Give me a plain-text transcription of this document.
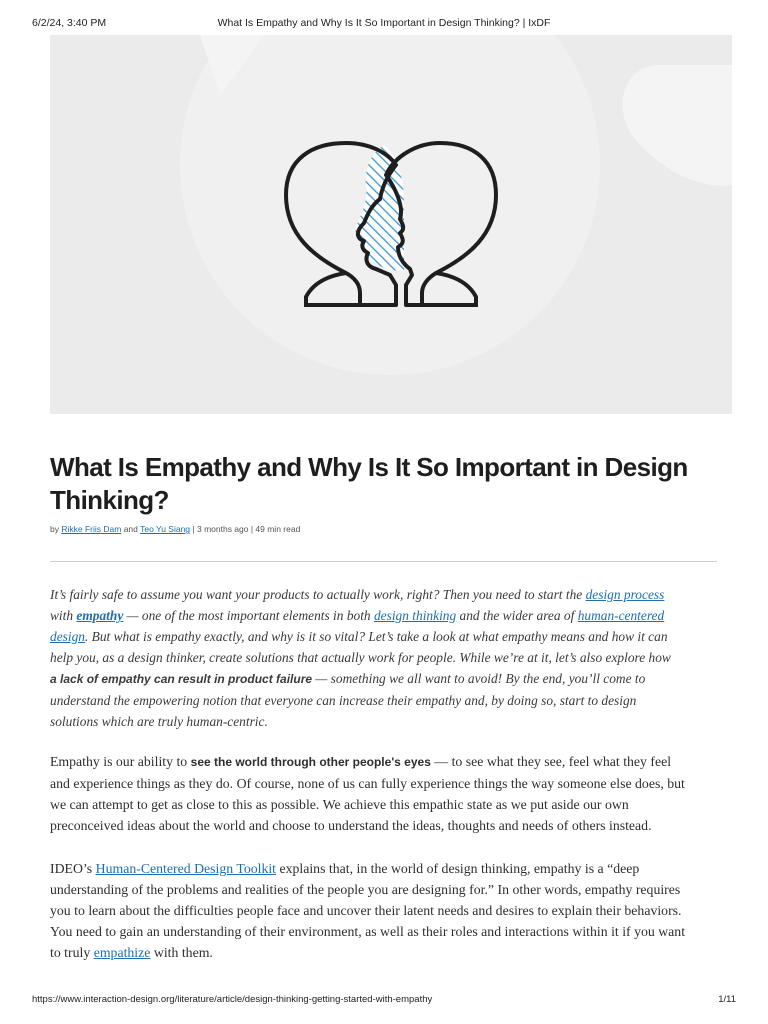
6/2/24, 3:40 PM	What Is Empathy and Why Is It So Important in Design Thinking? | IxDF
What Is Empathy and Why Is It So Important in Design Thinking?
by Rikke Friis Dam and Teo Yu Siang | 3 months ago | 49 min read

It’s fairly safe to assume you want your products to actually work, right? Then you need to start the design process with empathy — one of the most important elements in both design thinking and the wider area of human-centered design. But what is empathy exactly, and why is it so vital? Let’s take a look at what empathy means and how it can help you, as a design thinker, create solutions that actually work for people. While we’re at it, let’s also explore how a lack of empathy can result in product failure — something we all want to avoid! By the end, you’ll come to understand the empowering notion that everyone can increase their empathy and, by doing so, start to design solutions which are truly human-centric.

Empathy is our ability to see the world through other people's eyes — to see what they see, feel what they feel and experience things as they do. Of course, none of us can fully experience things the way someone else does, but we can attempt to get as close to this as possible. We achieve this empathic state as we put aside our own preconceived ideas about the world and choose to understand the ideas, thoughts and needs of others instead.

IDEO’s Human-Centered Design Toolkit explains that, in the world of design thinking, empathy is a “deep understanding of the problems and realities of the people you are designing for.” In other words, empathy requires you to learn about the difficulties people face and uncover their latent needs and desires to explain their behaviors. You need to gain an understanding of their environment, as well as their roles and interactions within it if you want to truly empathize with them.

https://www.interaction-design.org/literature/article/design-thinking-getting-started-with-empathy	1/11
